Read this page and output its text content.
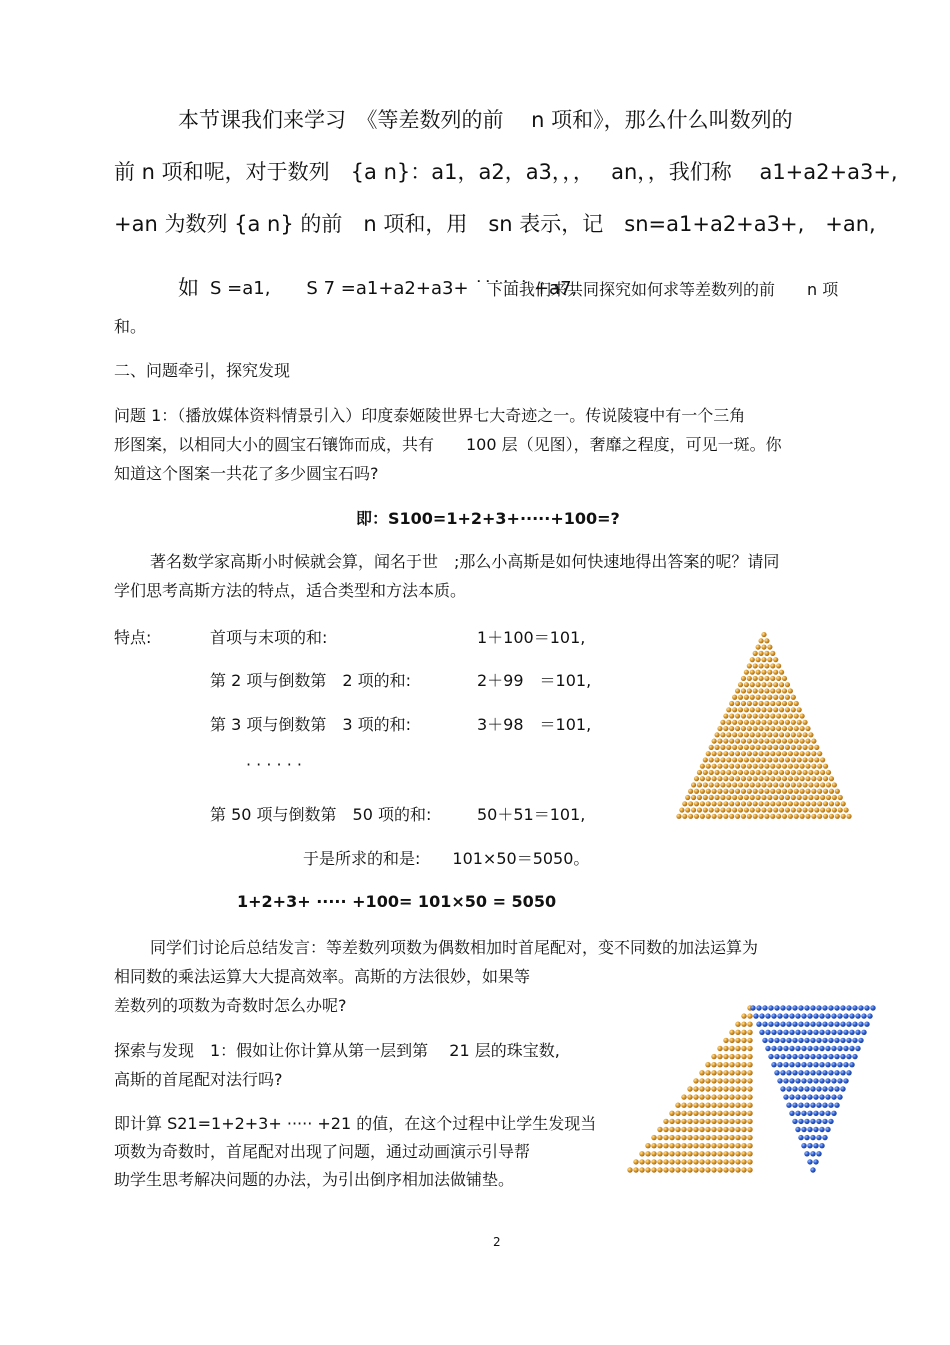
本节课我们来学习　《等差数列的前　 n 项和》，那么什么叫数列的
前 n 项和呢，对于数列　{a n}：a1，a2，a3，，，　 an，，我们称　 a1+a2+a3+,
+an 为数列 {a n} 的前　n 项和，用　sn 表示，记　sn=a1+a2+a3+,　+an,
如 S =a1,　　S 7 =a1+a2+a3+ ˙˙˙˙˙˙ +a7,
下面我们来共同探究如何求等差数列的前　　n 项
和。
二、问题牵引，探究发现
问题 1：（播放媒体资料情景引入）印度泰姬陵世界七大奇迹之一。传说陵寝中有一个三角
形图案，以相同大小的圆宝石镶饰而成，共有　　100 层（见图），奢靡之程度，可见一斑。你
知道这个图案一共花了多少圆宝石吗?
即：S100=1+2+3+·····+100=?
著名数学家高斯小时候就会算，闻名于世　;那么小高斯是如何快速地得出答案的呢？请同
学们思考高斯方法的特点，适合类型和方法本质。
特点:	首项与末项的和:	1＋100＝101,
第 2 项与倒数第　2 项的和:	2＋99　＝101,
第 3 项与倒数第　3 项的和:	3＋98　＝101,
· · · · · ·
第 50 项与倒数第　50 项的和:	50＋51＝101,
于是所求的和是:　　101×50＝5050。
1+2+3+ ····· +100= 101×50 = 5050
同学们讨论后总结发言：等差数列项数为偶数相加时首尾配对，变不同数的加法运算为
相同数的乘法运算大大提高效率。高斯的方法很妙，如果等
差数列的项数为奇数时怎么办呢?
探索与发现　1：假如让你计算从第一层到第　 21 层的珠宝数,
高斯的首尾配对法行吗?
即计算 S21=1+2+3+ ····· +21 的值，在这个过程中让学生发现当
项数为奇数时，首尾配对出现了问题，通过动画演示引导帮
助学生思考解决问题的办法，为引出倒序相加法做铺垫。
2
